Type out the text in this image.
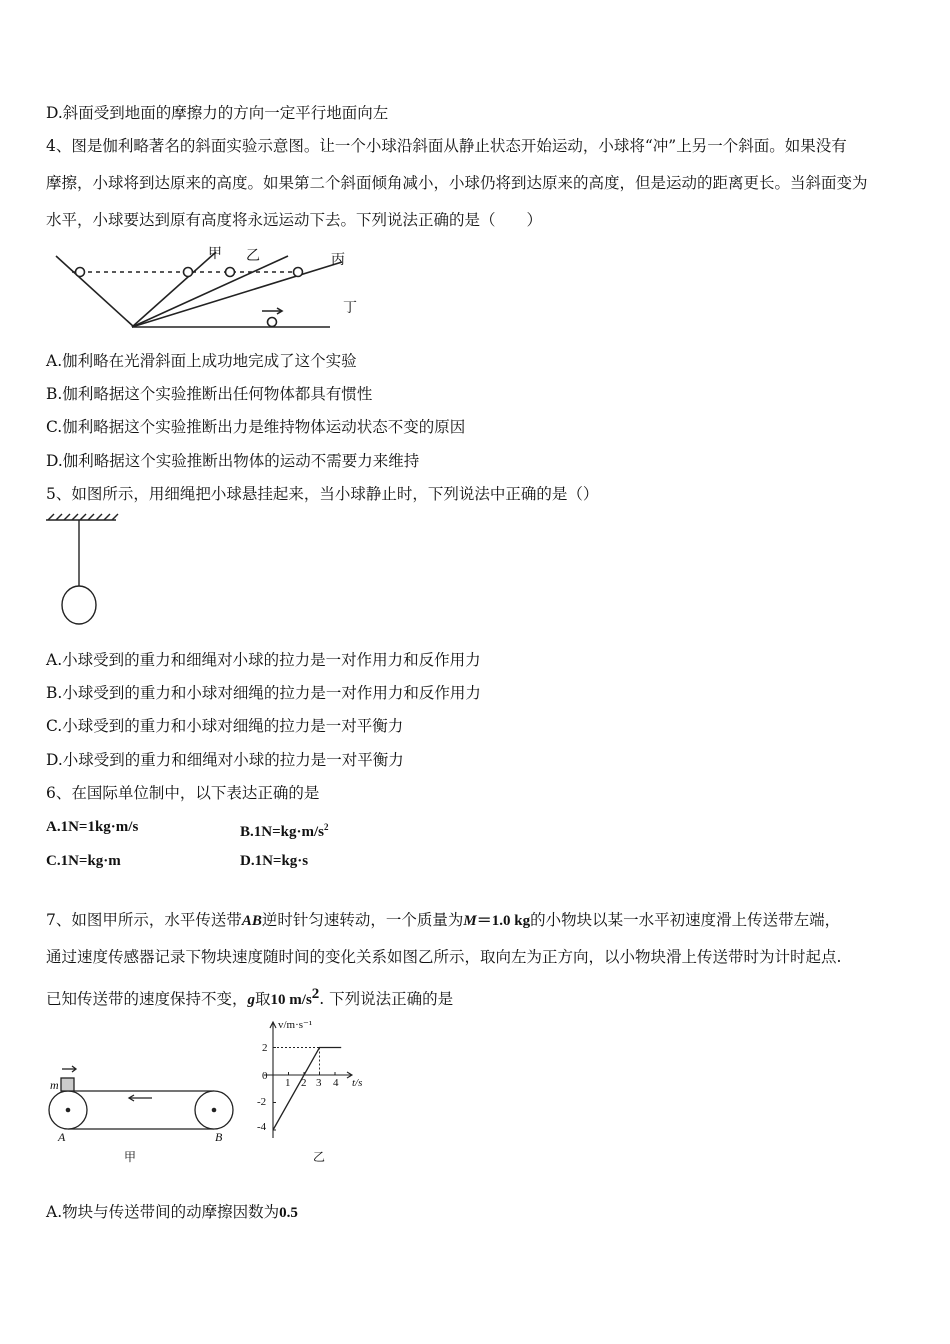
D.斜面受到地面的摩擦力的方向一定平行地面向左
4、图是伽利略著名的斜面实验示意图。让一个小球沿斜面从静止状态开始运动，小球将“冲”上另一个斜面。如果没有
摩擦，小球将到达原来的高度。如果第二个斜面倾角减小，小球仍将到达原来的高度，但是运动的距离更长。当斜面变为
水平，小球要达到原有高度将永远运动下去。下列说法正确的是（　　）
甲 乙	丙
丁
A.伽利略在光滑斜面上成功地完成了这个实验
B.伽利略据这个实验推断出任何物体都具有惯性
C.伽利略据这个实验推断出力是维持物体运动状态不变的原因
D.伽利略据这个实验推断出物体的运动不需要力来维持
5、如图所示，用细绳把小球悬挂起来，当小球静止时，下列说法中正确的是（）
A.小球受到的重力和细绳对小球的拉力是一对作用力和反作用力
B.小球受到的重力和小球对细绳的拉力是一对作用力和反作用力
C.小球受到的重力和小球对细绳的拉力是一对平衡力
D.小球受到的重力和细绳对小球的拉力是一对平衡力
6、在国际单位制中，以下表达正确的是
A.1N=1kg·m/s	$B.1N=kg\cdot m/s^2$
C.1N=kg·m	D.1N=kg·s
7、如图甲所示，水平传送带AB逆时针匀速转动，一个质量为M＝1.0 kg的小物块以某一水平初速度滑上传送带左端，
通过速度传感器记录下物块速度随时间的变化关系如图乙所示，取向左为正方向，以小物块滑上传送带时为计时起点.
已知传送带的速度保持不变，g取10 $m/s^2$. 下列说法正确的是
m
A	B
甲
v/m·s⁻¹
t/s
0
2
-2
-4
1 2 3 4
乙
A.物块与传送带间的动摩擦因数为0.5
